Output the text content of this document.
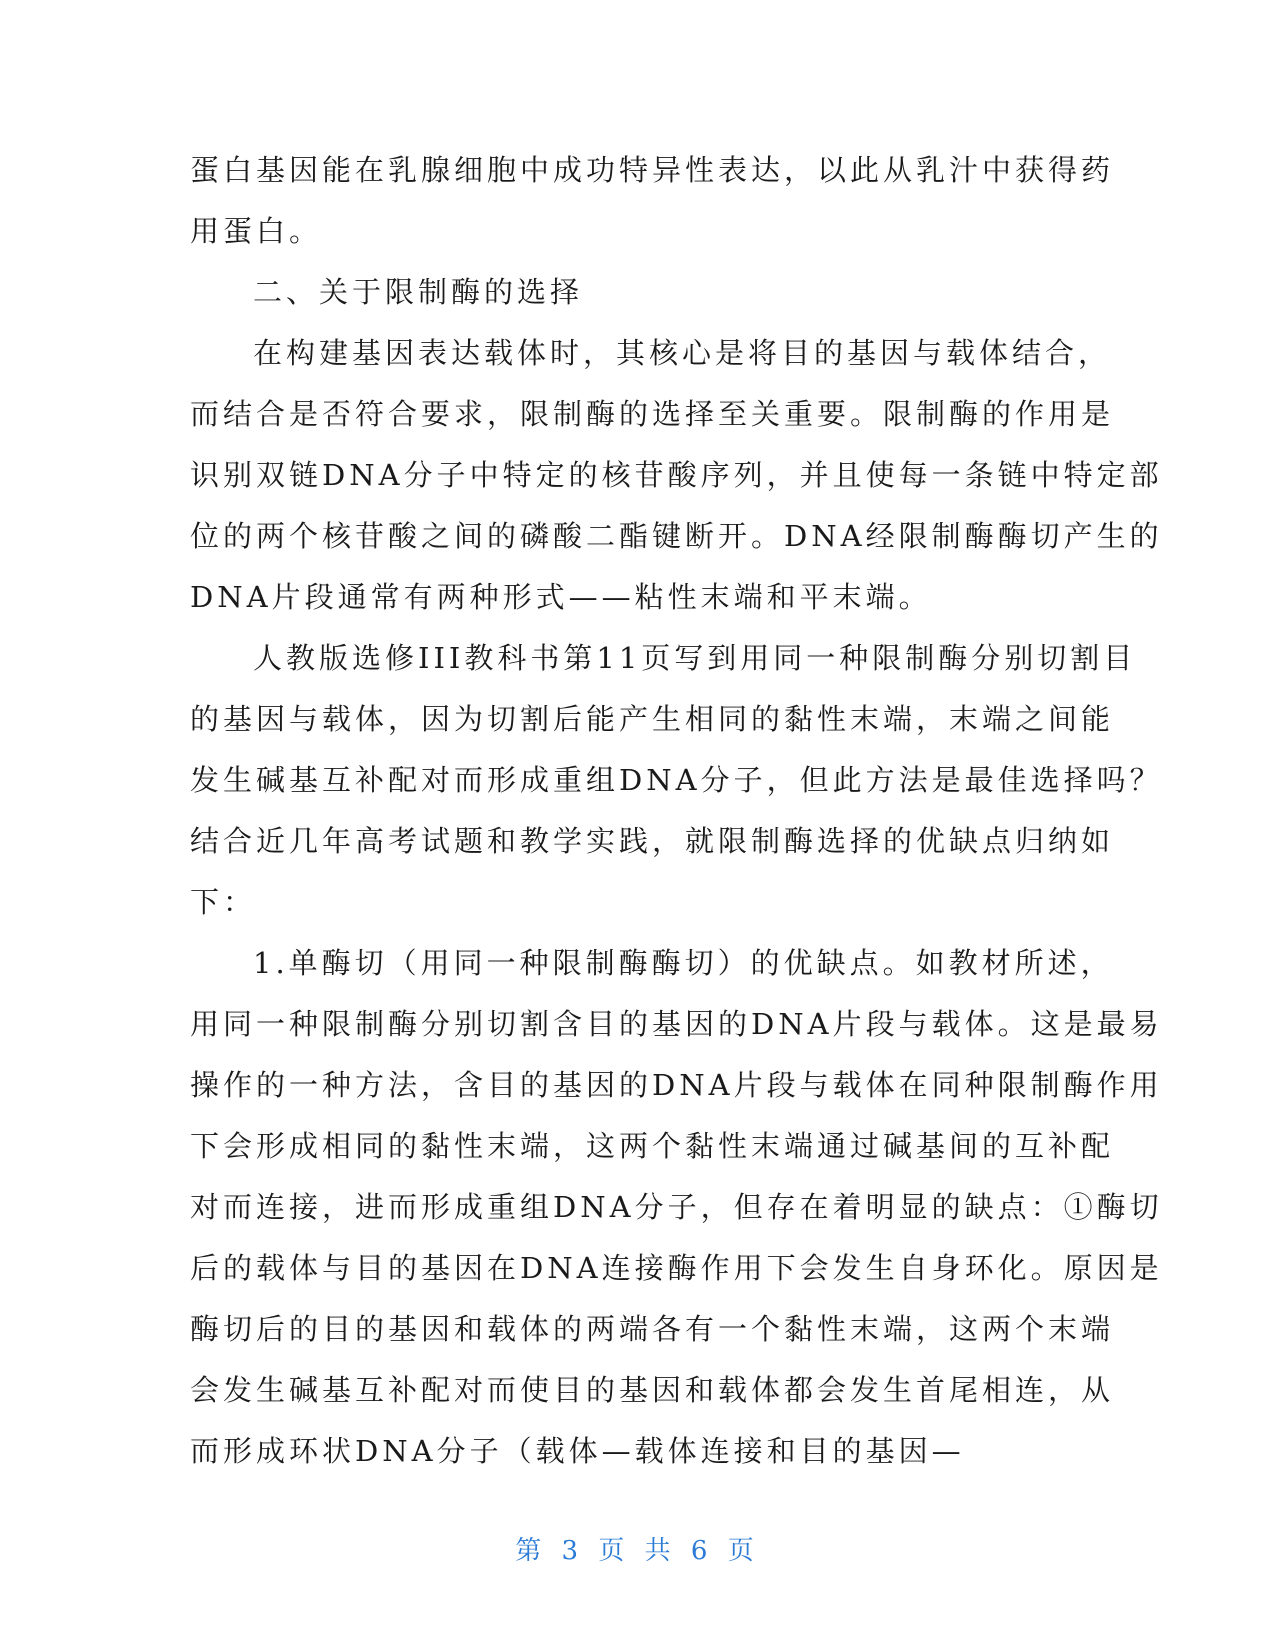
蛋白基因能在乳腺细胞中成功特异性表达，以此从乳汁中获得药
用蛋白。
二、关于限制酶的选择
在构建基因表达载体时，其核心是将目的基因与载体结合，
而结合是否符合要求，限制酶的选择至关重要。限制酶的作用是
识别双链DNA分子中特定的核苷酸序列，并且使每一条链中特定部
位的两个核苷酸之间的磷酸二酯键断开。DNA经限制酶酶切产生的
DNA片段通常有两种形式——粘性末端和平末端。
人教版选修III教科书第11页写到用同一种限制酶分别切割目
的基因与载体，因为切割后能产生相同的黏性末端，末端之间能
发生碱基互补配对而形成重组DNA分子，但此方法是最佳选择吗？
结合近几年高考试题和教学实践，就限制酶选择的优缺点归纳如
下：
1.单酶切（用同一种限制酶酶切）的优缺点。如教材所述，
用同一种限制酶分别切割含目的基因的DNA片段与载体。这是最易
操作的一种方法，含目的基因的DNA片段与载体在同种限制酶作用
下会形成相同的黏性末端，这两个黏性末端通过碱基间的互补配
对而连接，进而形成重组DNA分子，但存在着明显的缺点：①酶切
后的载体与目的基因在DNA连接酶作用下会发生自身环化。原因是
酶切后的目的基因和载体的两端各有一个黏性末端，这两个末端
会发生碱基互补配对而使目的基因和载体都会发生首尾相连，从
而形成环状DNA分子（载体—载体连接和目的基因—
第 3 页 共 6 页
